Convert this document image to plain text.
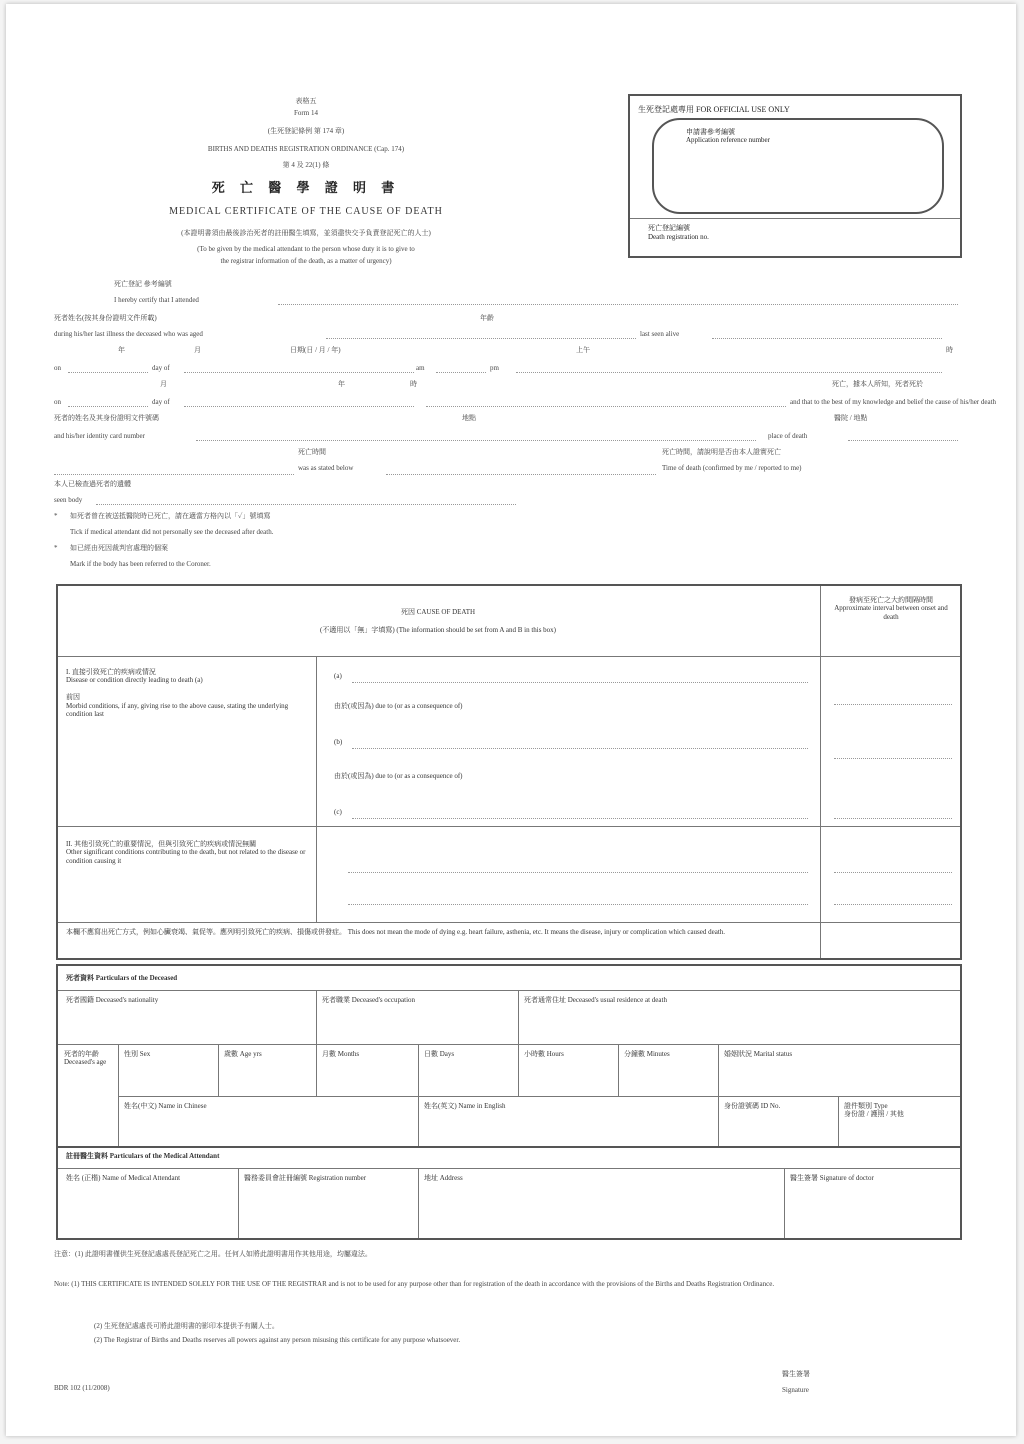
表格五
Form 14
(生死登記條例 第 174 章)
BIRTHS AND DEATHS REGISTRATION ORDINANCE (Cap. 174)
第 4 及 22(1) 條
死 亡 醫 學 證 明 書
MEDICAL CERTIFICATE OF THE CAUSE OF DEATH
(本證明書須由最後診治死者的註冊醫生填寫，並須盡快交予負責登記死亡的人士)
(To be given by the medical attendant to the person whose duty it is to give to
the registrar information of the death, as a matter of urgency)
生死登記處專用 FOR OFFICIAL USE ONLY
申請書參考編號
Application reference number
死亡登記編號
Death registration no.
死亡登記 參考編號
I hereby certify that I attended
死者姓名(按其身份證明文件所載)	年齡
during his/her last illness the deceased who was aged	last seen alive
年	月	日期(日 / 月 / 年)	上午	時
on	day of	am	pm
月	年	時	死亡，據本人所知，死者死於
on	day of	and that to the best of my knowledge and belief the cause of his/her death
死者的姓名及其身份證明文件號碼	地點	醫院 / 地點
and his/her identity card number	place of death
死亡時間	死亡時間，請說明是否由本人證實死亡
was as stated below	Time of death (confirmed by me / reported to me)
本人已檢查過死者的遺體
seen body
* 如死者曾在被送抵醫院時已死亡，請在適當方格內以「✓」號填寫
Tick if medical attendant did not personally see the deceased after death.
* 如已經由死因裁判官處理的個案
Mark if the body has been referred to the Coroner.
死因 CAUSE OF DEATH
(不適用以「無」字填寫) (The information should be set from A and B in this box)
發病至死亡之大約間隔時間
Approximate interval between onset and death
I. 直接引致死亡的疾病或情況
Disease or condition directly leading to death (a)

前因
Morbid conditions, if any, giving rise to the above cause, stating the underlying condition last
(a)
由於(或因為) due to (or as a consequence of)
(b)
由於(或因為) due to (or as a consequence of)
(c)
II. 其他引致死亡的重要情況，但與引致死亡的疾病或情況無關
Other significant conditions contributing to the death, but not related to the disease or condition causing it
本欄不應寫出死亡方式，例如心臟衰竭、氣促等。應列明引致死亡的疾病、損傷或併發症。 This does not mean the mode of dying e.g. heart failure, asthenia, etc. It means the disease, injury or complication which caused death.
死者資料 Particulars of the Deceased
死者國籍 Deceased's nationality	死者職業 Deceased's occupation	死者通常住址 Deceased's usual residence at death
死者的年齡 Deceased's age
性別 Sex	歲數 Age yrs	月數 Months	日數 Days	小時數 Hours	分鐘數 Minutes	婚姻狀況 Marital status
姓名(中文) Name in Chinese	姓名(英文) Name in English	身份證號碼 ID No.	證件類別 Type
身份證 / 護照 / 其他
註冊醫生資料 Particulars of the Medical Attendant
姓名 (正楷) Name of Medical Attendant	醫務委員會註冊編號 Registration number	地址 Address	醫生簽署 Signature of doctor
注意：(1) 此證明書僅供生死登記處處長登記死亡之用。任何人如將此證明書用作其他用途，均屬違法。
Note: (1) THIS CERTIFICATE IS INTENDED SOLELY FOR THE USE OF THE REGISTRAR and is not to be used for any purpose other than for registration of the death in accordance with the provisions of the Births and Deaths Registration Ordinance.
(2) 生死登記處處長可將此證明書的影印本提供予有關人士。
(2) The Registrar of Births and Deaths reserves all powers against any person misusing this certificate for any purpose whatsoever.
BDR 102 (11/2008)
醫生簽署
Signature
